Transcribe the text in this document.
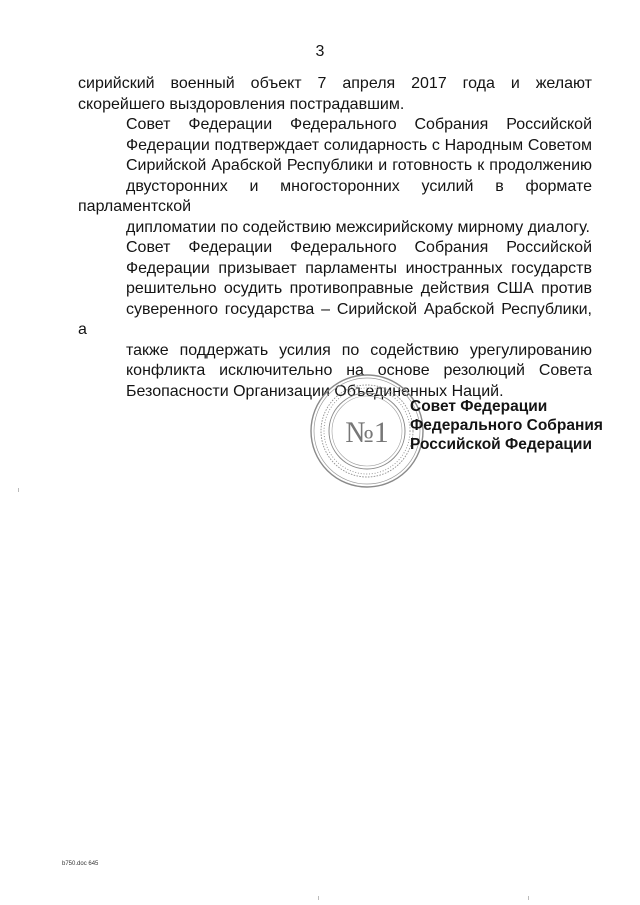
3

сирийский военный объект 7 апреля 2017 года и желают
скорейшего выздоровления пострадавшим.

Совет Федерации Федерального Собрания Российской
Федерации подтверждает солидарность с Народным Советом
Сирийской Арабской Республики и готовность к продолжению
двусторонних и многосторонних усилий в формате парламентской
дипломатии по содействию межсирийскому мирному диалогу.

Совет Федерации Федерального Собрания Российской
Федерации призывает парламенты иностранных государств
решительно осудить противоправные действия США против
суверенного государства – Сирийской Арабской Республики, а
также поддержать усилия по содействию урегулированию
конфликта исключительно на основе резолюций Совета
Безопасности Организации Объединенных Наций.

№1
Совет Федерации
Федерального Собрания
Российской Федерации
b750.doc 645
